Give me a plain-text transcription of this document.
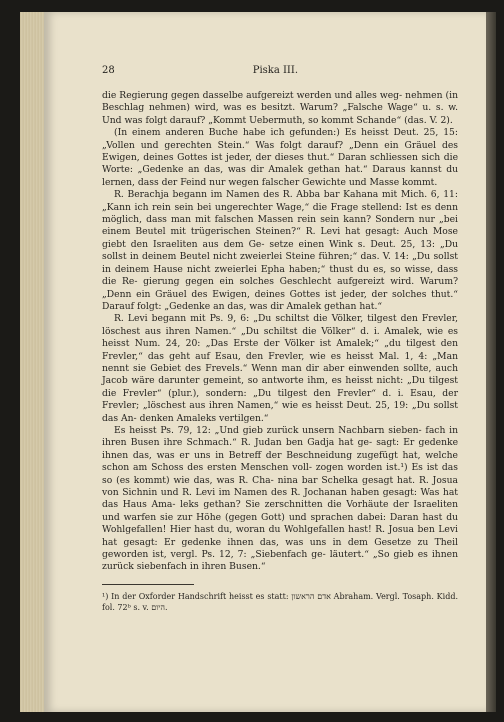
28	Piska III.

die Regierung gegen dasselbe aufgereizt werden und alles weg- nehmen (in Beschlag nehmen) wird, was es besitzt. Warum? „Falsche Wage“ u. s. w. Und was folgt darauf? „Kommt Uebermuth, so kommt Schande“ (das. V. 2).

(In einem anderen Buche habe ich gefunden:) Es heisst Deut. 25, 15: „Vollen und gerechten Stein.“ Was folgt darauf? „Denn ein Gräuel des Ewigen, deines Gottes ist jeder, der dieses thut.“ Daran schliessen sich die Worte: „Gedenke an das, was dir Amalek gethan hat.“ Daraus kannst du lernen, dass der Feind nur wegen falscher Gewichte und Masse kommt.

R. Berachja begann im Namen des R. Abba bar Kahana mit Mich. 6, 11: „Kann ich rein sein bei ungerechter Wage,“ die Frage stellend: Ist es denn möglich, dass man mit falschen Massen rein sein kann? Sondern nur „bei einem Beutel mit trügerischen Steinen?“ R. Levi hat gesagt: Auch Mose giebt den Israeliten aus dem Ge- setze einen Wink s. Deut. 25, 13: „Du sollst in deinem Beutel nicht zweierlei Steine führen;“ das. V. 14: „Du sollst in deinem Hause nicht zweierlei Epha haben;“ thust du es, so wisse, dass die Re- gierung gegen ein solches Geschlecht aufgereizt wird. Warum? „Denn ein Gräuel des Ewigen, deines Gottes ist jeder, der solches thut.“ Darauf folgt: „Gedenke an das, was dir Amalek gethan hat.“

R. Levi begann mit Ps. 9, 6: „Du schiltst die Völker, tilgest den Frevler, löschest aus ihren Namen.“ „Du schiltst die Völker“ d. i. Amalek, wie es heisst Num. 24, 20: „Das Erste der Völker ist Amalek;“ „du tilgest den Frevler,“ das geht auf Esau, den Frevler, wie es heisst Mal. 1, 4: „Man nennt sie Gebiet des Frevels.“ Wenn man dir aber einwenden sollte, auch Jacob wäre darunter gemeint, so antworte ihm, es heisst nicht: „Du tilgest die Frevler“ (plur.), sondern: „Du tilgest den Frevler“ d. i. Esau, der Frevler; „löschest aus ihren Namen,“ wie es heisst Deut. 25, 19: „Du sollst das An- denken Amaleks vertilgen.“

Es heisst Ps. 79, 12: „Und gieb zurück unsern Nachbarn sieben- fach in ihren Busen ihre Schmach.“ R. Judan ben Gadja hat ge- sagt: Er gedenke ihnen das, was er uns in Betreff der Beschneidung zugefügt hat, welche schon am Schoss des ersten Menschen voll- zogen worden ist.¹) Es ist das so (es kommt) wie das, was R. Cha- nina bar Schelka gesagt hat. R. Josua von Sichnin und R. Levi im Namen des R. Jochanan haben gesagt: Was hat das Haus Ama- leks gethan? Sie zerschnitten die Vorhäute der Israeliten und warfen sie zur Höhe (gegen Gott) und sprachen dabei: Daran hast du Wohlgefallen! Hier hast du, woran du Wohlgefallen hast! R. Josua ben Levi hat gesagt: Er gedenke ihnen das, was uns in dem Gesetze zu Theil geworden ist, vergl. Ps. 12, 7: „Siebenfach ge- läutert.“ „So gieb es ihnen zurück siebenfach in ihren Busen.“

¹) In der Oxforder Handschrift heisst es statt: אדם הראשון Abraham. Vergl. Tosaph. Kidd. fol. 72ᵇ s. v. היום.
